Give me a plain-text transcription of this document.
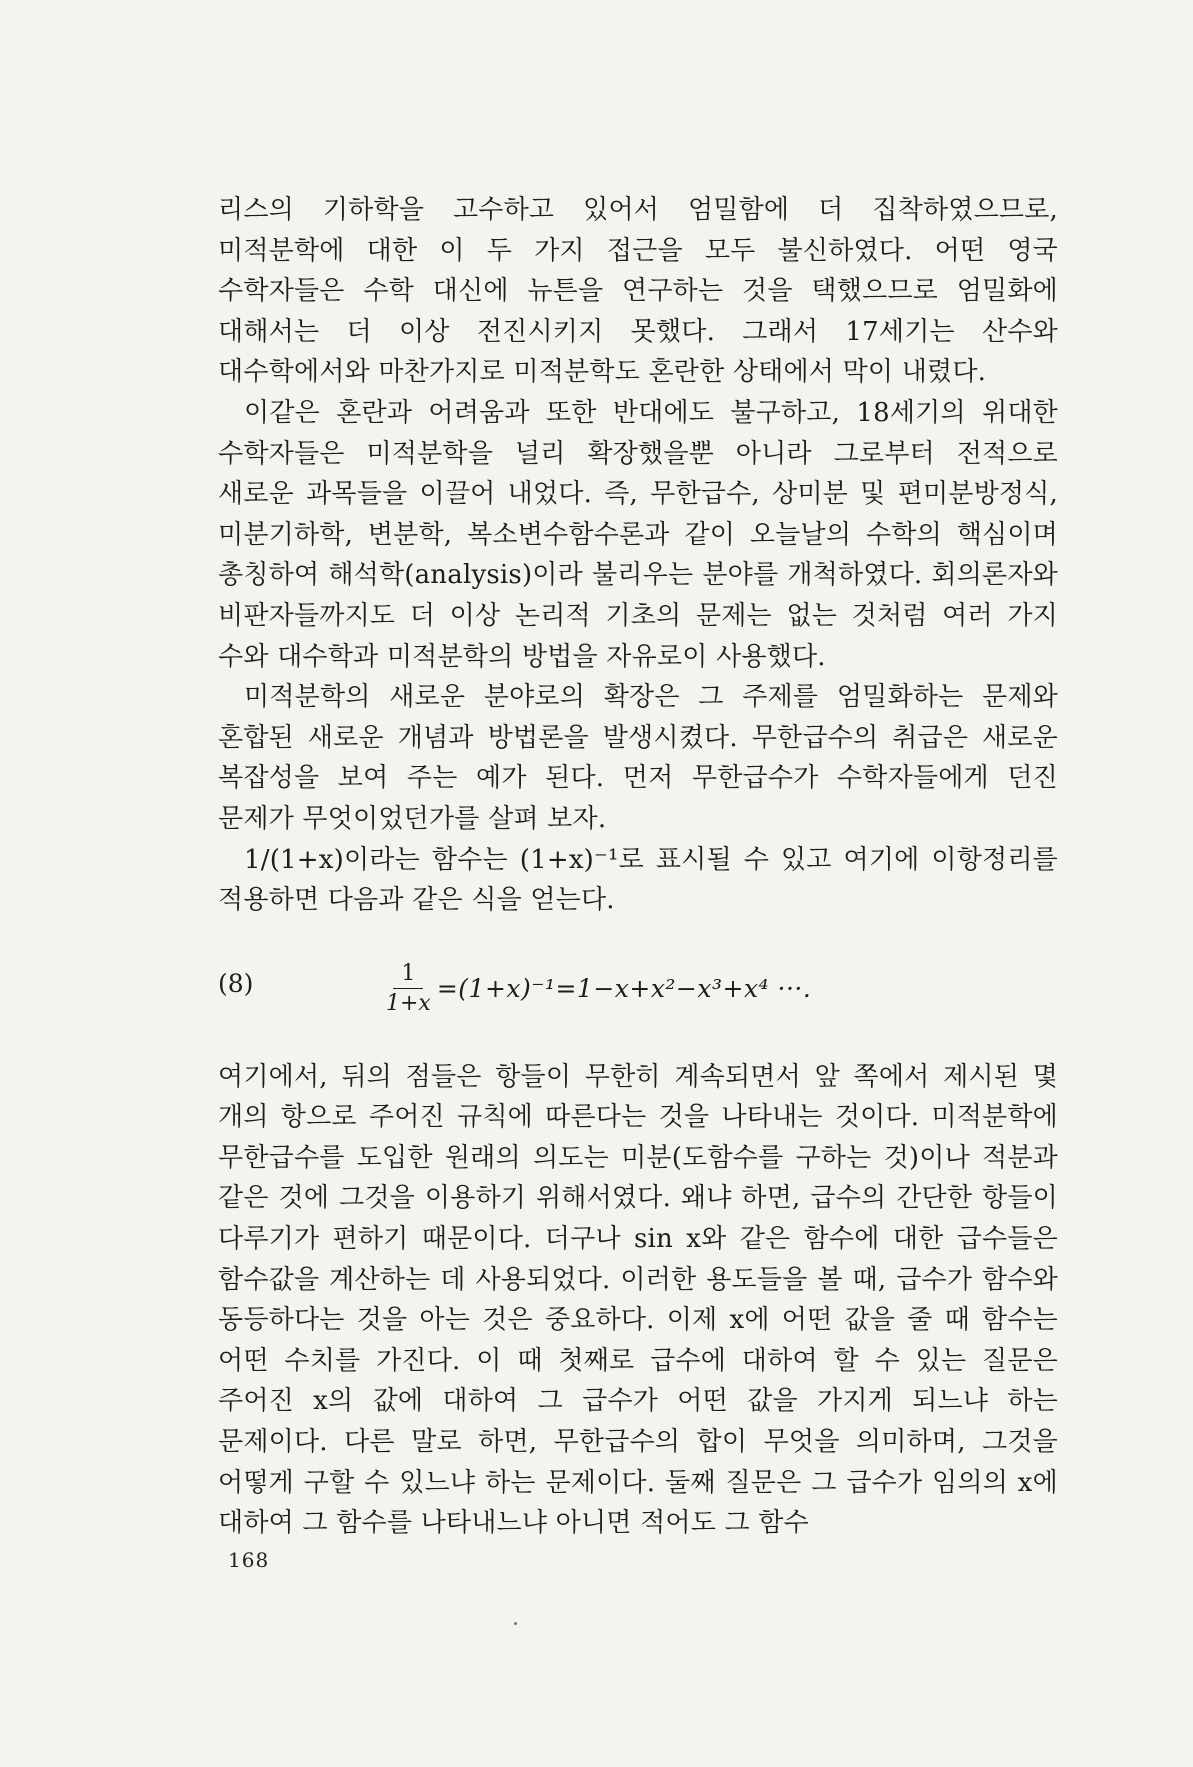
리스의 기하학을 고수하고 있어서 엄밀함에 더 집착하였으므로, 미적분학에 대한 이 두 가지 접근을 모두 불신하였다. 어떤 영국 수학자들은 수학 대신에 뉴튼을 연구하는 것을 택했으므로 엄밀화에 대해서는 더 이상 전진시키지 못했다. 그래서 17세기는 산수와 대수학에서와 마찬가지로 미적분학도 혼란한 상태에서 막이 내렸다.

이같은 혼란과 어려움과 또한 반대에도 불구하고, 18세기의 위대한 수학자들은 미적분학을 널리 확장했을뿐 아니라 그로부터 전적으로 새로운 과목들을 이끌어 내었다. 즉, 무한급수, 상미분 및 편미분방정식, 미분기하학, 변분학, 복소변수함수론과 같이 오늘날의 수학의 핵심이며 총칭하여 해석학(analysis)이라 불리우는 분야를 개척하였다. 회의론자와 비판자들까지도 더 이상 논리적 기초의 문제는 없는 것처럼 여러 가지 수와 대수학과 미적분학의 방법을 자유로이 사용했다.

미적분학의 새로운 분야로의 확장은 그 주제를 엄밀화하는 문제와 혼합된 새로운 개념과 방법론을 발생시켰다. 무한급수의 취급은 새로운 복잡성을 보여 주는 예가 된다. 먼저 무한급수가 수학자들에게 던진 문제가 무엇이었던가를 살펴 보자.

1/(1+x)이라는 함수는 (1+x)⁻¹로 표시될 수 있고 여기에 이항정리를 적용하면 다음과 같은 식을 얻는다.

(8)	$\frac{1}{1+x} =(1+x)^{-1}=1-x+x^2-x^3+x^4$ ···.

여기에서, 뒤의 점들은 항들이 무한히 계속되면서 앞 쪽에서 제시된 몇 개의 항으로 주어진 규칙에 따른다는 것을 나타내는 것이다. 미적분학에 무한급수를 도입한 원래의 의도는 미분(도함수를 구하는 것)이나 적분과 같은 것에 그것을 이용하기 위해서였다. 왜냐 하면, 급수의 간단한 항들이 다루기가 편하기 때문이다. 더구나 sin x와 같은 함수에 대한 급수들은 함수값을 계산하는 데 사용되었다. 이러한 용도들을 볼 때, 급수가 함수와 동등하다는 것을 아는 것은 중요하다. 이제 x에 어떤 값을 줄 때 함수는 어떤 수치를 가진다. 이 때 첫째로 급수에 대하여 할 수 있는 질문은 주어진 x의 값에 대하여 그 급수가 어떤 값을 가지게 되느냐 하는 문제이다. 다른 말로 하면, 무한급수의 합이 무엇을 의미하며, 그것을 어떻게 구할 수 있느냐 하는 문제이다. 둘째 질문은 그 급수가 임의의 x에 대하여 그 함수를 나타내느냐 아니면 적어도 그 함수

168
